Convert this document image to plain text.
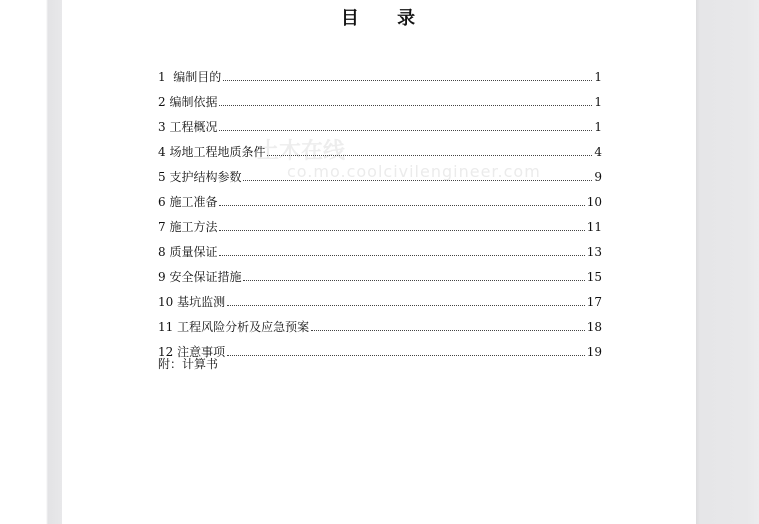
目 录
土木在线
co.mo.coolcivilengineer.com
1 编制目的	1
2 编制依据	1
3 工程概况	1
4 场地工程地质条件	4
5 支护结构参数	9
6 施工准备	10
7 施工方法	11
8 质量保证	13
9 安全保证措施	15
10 基坑监测	17
11 工程风险分析及应急预案	18
12 注意事项	19
附：计算书
